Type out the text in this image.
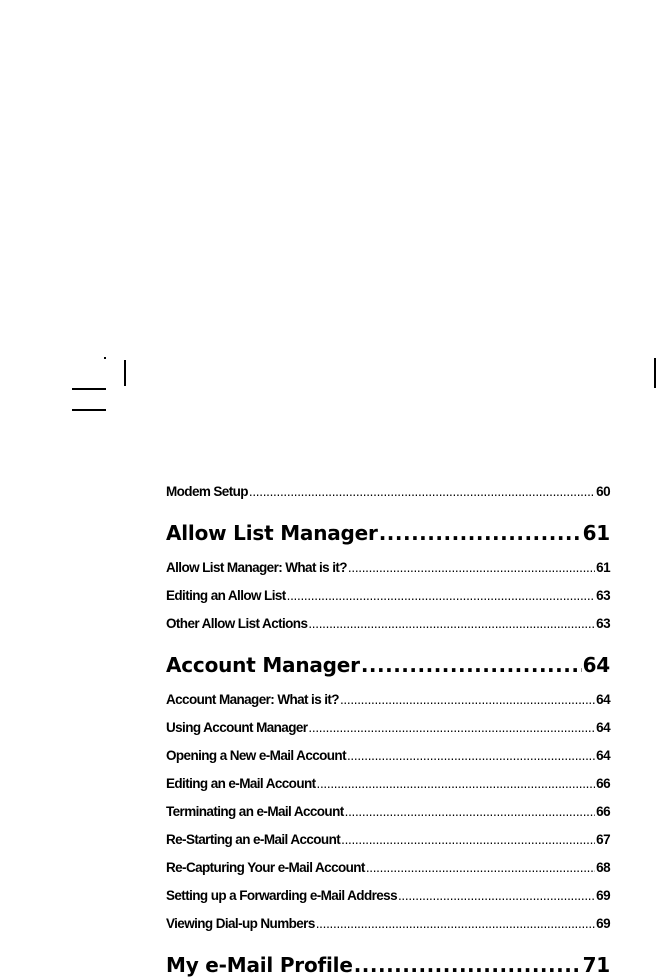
Modem Setup .....	60
Allow List Manager .....	61
Allow List Manager: What is it? .....	61
Editing an Allow List .....	63
Other Allow List Actions .....	63
Account Manager .....	64
Account Manager: What is it? .....	64
Using Account Manager .....	64
Opening a New e-Mail Account .....	64
Editing an e-Mail Account .....	66
Terminating an e-Mail Account .....	66
Re-Starting an e-Mail Account .....	67
Re-Capturing Your e-Mail Account .....	68
Setting up a Forwarding e-Mail Address .....	69
Viewing Dial-up Numbers .....	69
My e-Mail Profile .....	71
